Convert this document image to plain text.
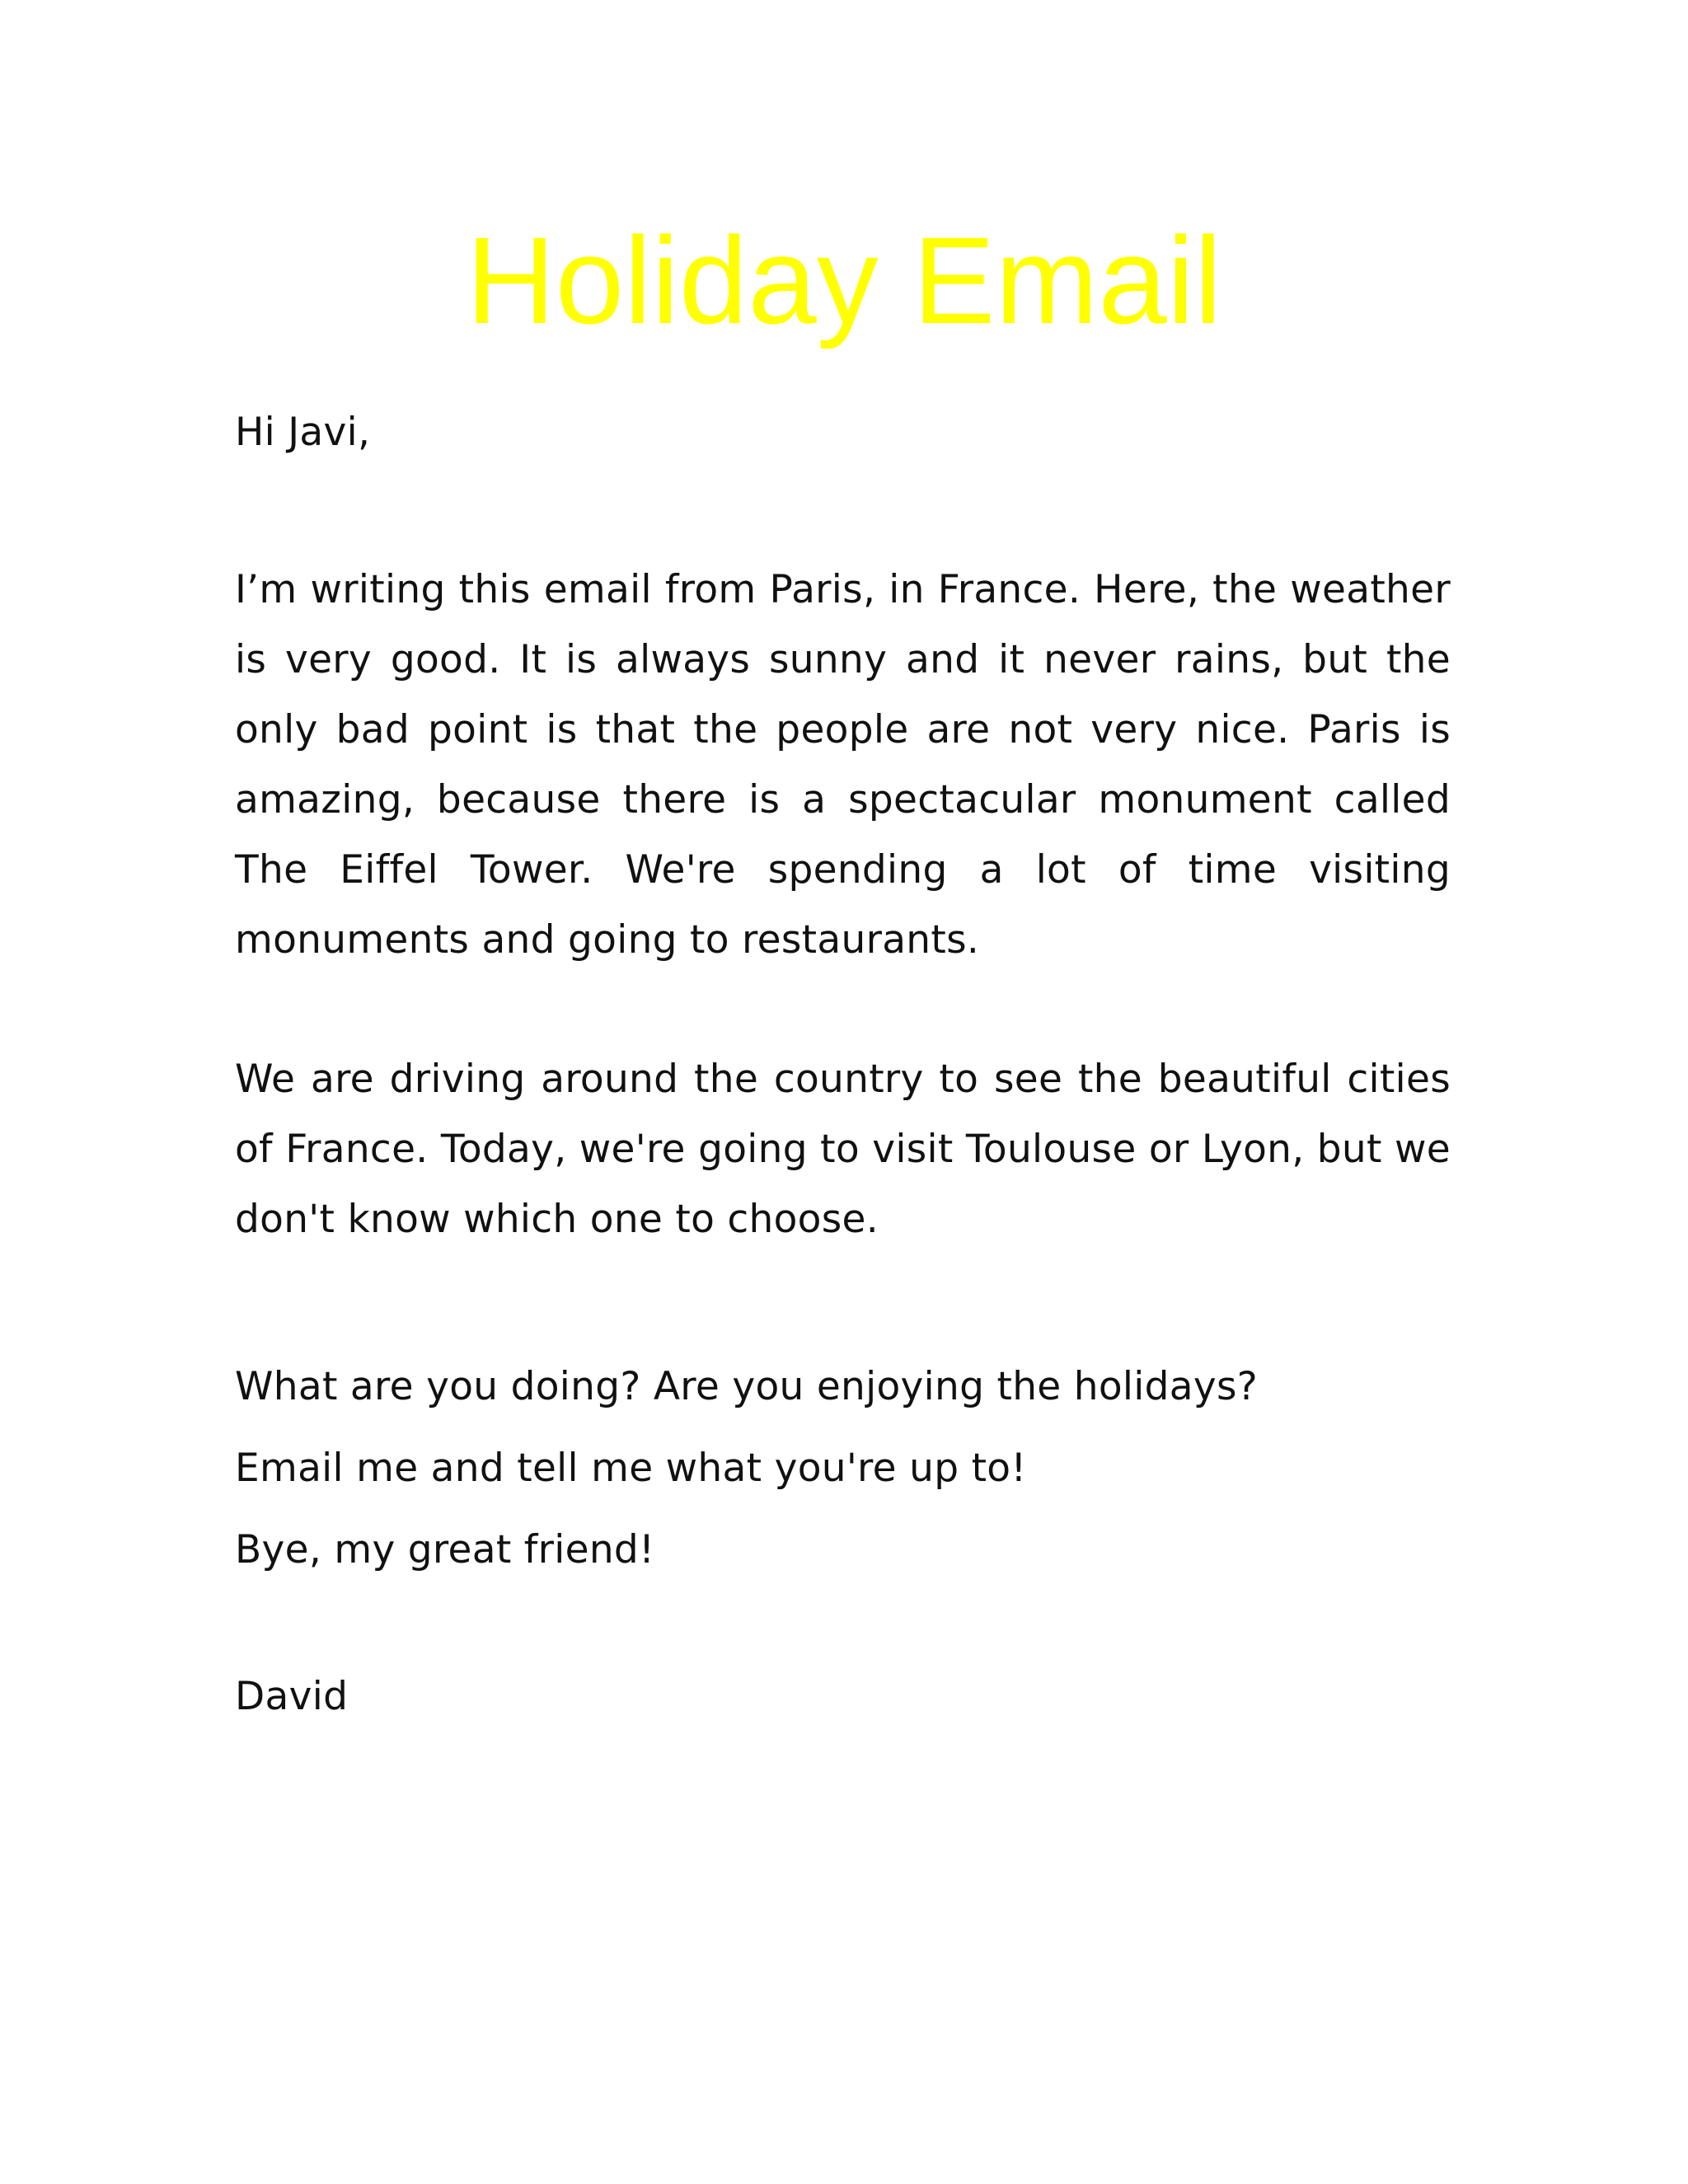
Holiday Email
Hi Javi,
I’m writing this email from Paris, in France. Here, the weather is very good. It is always sunny and it never rains, but the only bad point is that the people are not very nice. Paris is amazing, because there is a spectacular monument called The Eiffel Tower. We're spending a lot of time visiting monuments and going to restaurants.
We are driving around the country to see the beautiful cities of France. Today, we're going to visit Toulouse or Lyon, but we don't know which one to choose.
What are you doing? Are you enjoying the holidays?
Email me and tell me what you're up to!
Bye, my great friend!
David
